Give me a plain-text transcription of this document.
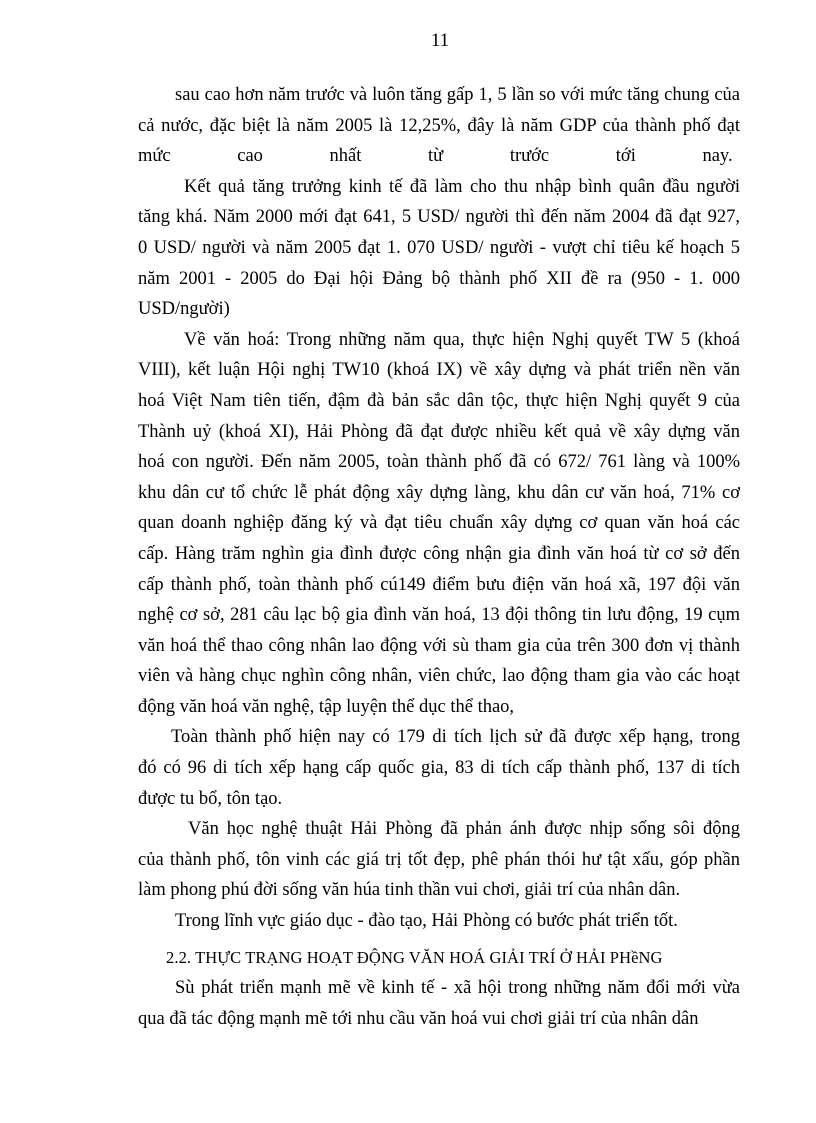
11
sau cao hơn năm trước và luôn tăng gấp 1, 5 lần so với mức tăng chung của
cả nước, đặc biệt là năm 2005 là 12,25%, đây là năm GDP của thành phố đạt
mức cao nhất từ trước tới nay.
Kết quả tăng trưởng kinh tế đã làm cho thu nhập bình quân đầu người
tăng khá. Năm 2000 mới đạt 641, 5 USD/ người thì đến năm 2004 đã đạt 927,
0 USD/ người và năm 2005 đạt 1. 070 USD/ người - vượt chỉ tiêu kế hoạch 5
năm 2001 - 2005 do Đại hội Đảng bộ thành phố XII đề ra (950 - 1. 000
USD/người)
Về văn hoá: Trong những năm qua, thực hiện Nghị quyết TW 5 (khoá
VIII), kết luận Hội nghị TW10 (khoá IX) về xây dựng và phát triển nền văn
hoá Việt Nam tiên tiến, đậm đà bản sắc dân tộc, thực hiện Nghị quyết 9 của
Thành uỷ (khoá XI), Hải Phòng đã đạt được nhiều kết quả về xây dựng văn
hoá con người. Đến năm 2005, toàn thành phố đã có 672/ 761 làng và 100%
khu dân cư tổ chức lễ phát động xây dựng làng, khu dân cư văn hoá, 71% cơ
quan doanh nghiệp đăng ký và đạt tiêu chuẩn xây dựng cơ quan văn hoá các
cấp. Hàng trăm nghìn gia đình được công nhận gia đình văn hoá từ cơ sở đến
cấp thành phố, toàn thành phố cú149 điểm bưu điện văn hoá xã, 197 đội văn
nghệ cơ sở, 281 câu lạc bộ gia đình văn hoá, 13 đội thông tin lưu động, 19 cụm
văn hoá thể thao công nhân lao động với sù tham gia của trên 300 đơn vị thành
viên và hàng chục nghìn công nhân, viên chức, lao động tham gia vào các hoạt
động văn hoá văn nghệ, tập luyện thể dục thể thao,
Toàn thành phố hiện nay có 179 di tích lịch sử đã được xếp hạng, trong
đó có 96 di tích xếp hạng cấp quốc gia, 83 di tích cấp thành phố, 137 di tích
được tu bổ, tôn tạo.
Văn học nghệ thuật Hải Phòng đã phản ánh được nhịp sống sôi động
của thành phố, tôn vinh các giá trị tốt đẹp, phê phán thói hư tật xấu, góp phần
làm phong phú đời sống văn húa tinh thần vui chơi, giải trí của nhân dân.
Trong lĩnh vực giáo dục - đào tạo, Hải Phòng có bước phát triển tốt.
2.2. THỰC TRẠNG HOẠT ĐỘNG VĂN HOÁ GIẢI TRÍ Ở HẢI PHềNG
Sù phát triển mạnh mẽ về kinh tế - xã hội trong những năm đổi mới vừa
qua đã tác động mạnh mẽ tới nhu cầu văn hoá vui chơi giải trí của nhân dân
